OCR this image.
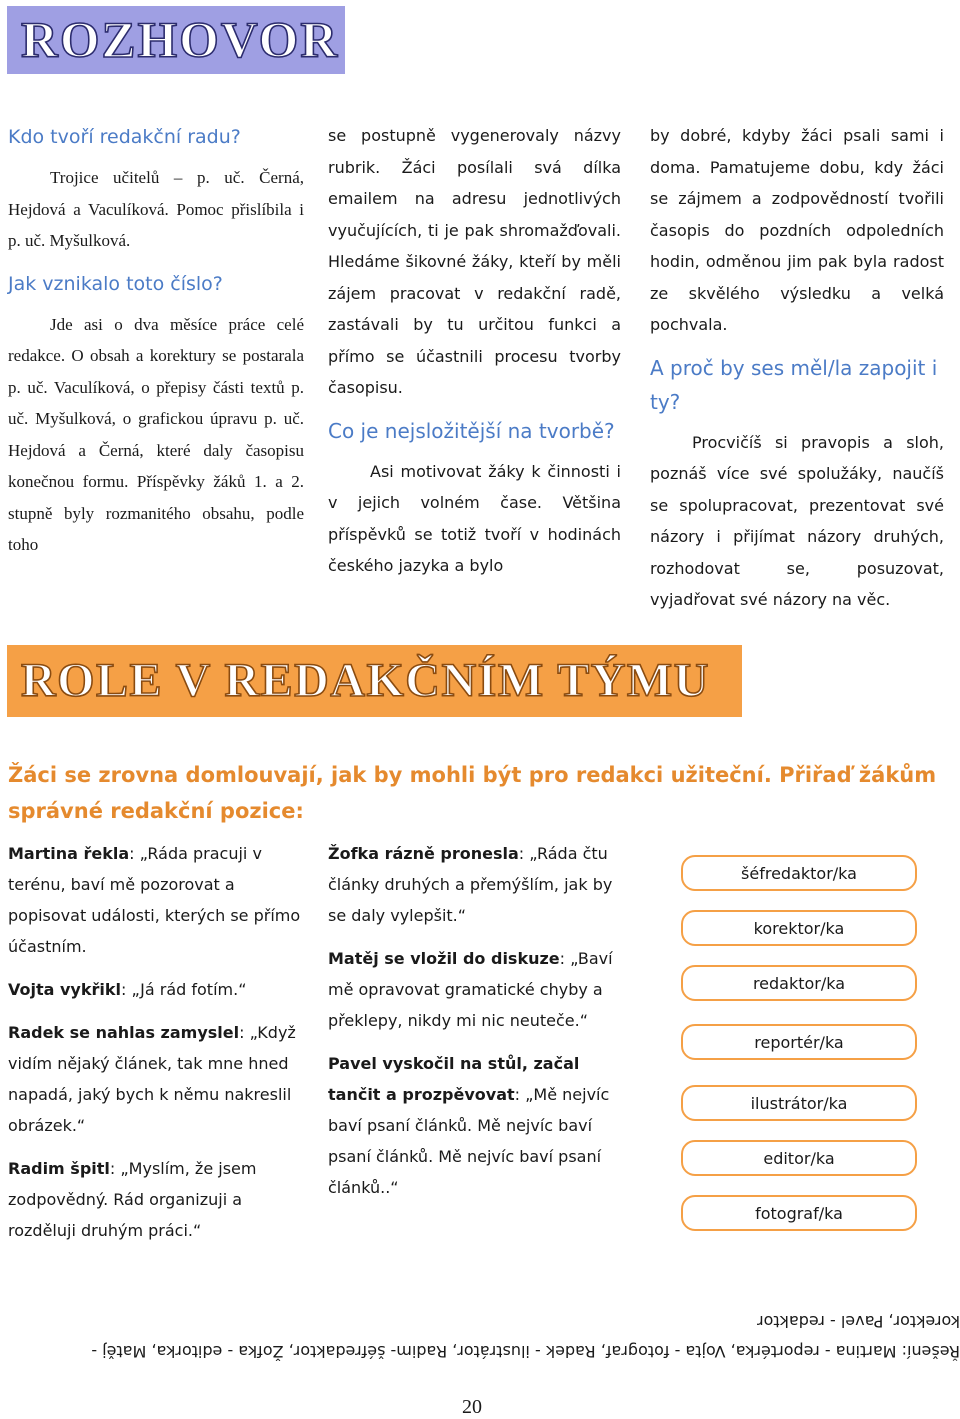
ROZHOVOR

Kdo tvoří redakční radu?

Trojice učitelů – p. uč. Černá, Hejdová a Vaculíková. Pomoc přislíbila i p. uč. Myšulková.

Jak vznikalo toto číslo?

Jde asi o dva měsíce práce celé redakce. O obsah a korektury se postarala p. uč. Vaculíková, o přepisy části textů p. uč. Myšulková, o grafickou úpravu p. uč. Hejdová a Černá, které daly časopisu konečnou formu. Příspěvky žáků 1. a 2. stupně byly rozmanitého obsahu, podle toho

se postupně vygenerovaly názvy rubrik. Žáci posílali svá dílka emailem na adresu jednotlivých vyučujících, ti je pak shromažďovali. Hledáme šikovné žáky, kteří by měli zájem pracovat v redakční radě, zastávali by tu určitou funkci a přímo se účastnili procesu tvorby časopisu.

Co je nejsložitější na tvorbě?

Asi motivovat žáky k činnosti i v jejich volném čase. Většina příspěvků se totiž tvoří v hodinách českého jazyka a bylo

by dobré, kdyby žáci psali sami i doma. Pamatujeme dobu, kdy žáci se zájmem a zodpovědností tvořili časopis do pozdních odpoledních hodin, odměnou jim pak byla radost ze skvělého výsledku a velká pochvala.

A proč by ses měl/la zapojit i ty?

Procvičíš si pravopis a sloh, poznáš více své spolužáky, naučíš se spolupracovat, prezentovat své názory i přijímat názory druhých, rozhodovat se, posuzovat, vyjadřovat své názory na věc.

ROLE V REDAKČNÍM TÝMU
Žáci se zrovna domlouvají, jak by mohli být pro redakci užiteční. Přiřaď žákům správné redakční pozice:

Martina řekla: „Ráda pracuji v terénu, baví mě pozorovat a popisovat události, kterých se přímo účastním.

Vojta vykřikl: „Já rád fotím.“

Radek se nahlas zamyslel: „Když vidím nějaký článek, tak mne hned napadá, jaký bych k němu nakreslil obrázek.“

Radim špitl: „Myslím, že jsem zodpovědný. Rád organizuji a rozděluji druhým práci.“

Žofka rázně pronesla: „Ráda čtu články druhých a přemýšlím, jak by se daly vylepšit.“

Matěj se vložil do diskuze: „Baví mě opravovat gramatické chyby a překlepy, nikdy mi nic neuteče.“

Pavel vyskočil na stůl, začal tančit a prozpěvovat: „Mě nejvíc baví psaní článků. Mě nejvíc baví psaní článků. Mě nejvíc baví psaní článků..“

šéfredaktor/ka
korektor/ka
redaktor/ka
reportér/ka
ilustrátor/ka
editor/ka
fotograf/ka
Řešení: Martina - reportérka, Vojta - fotograf, Radek - ilustrátor, Radim- šéfredaktor, Žofka - editorka, Matěj - korektor, Pavel - redaktor
20
